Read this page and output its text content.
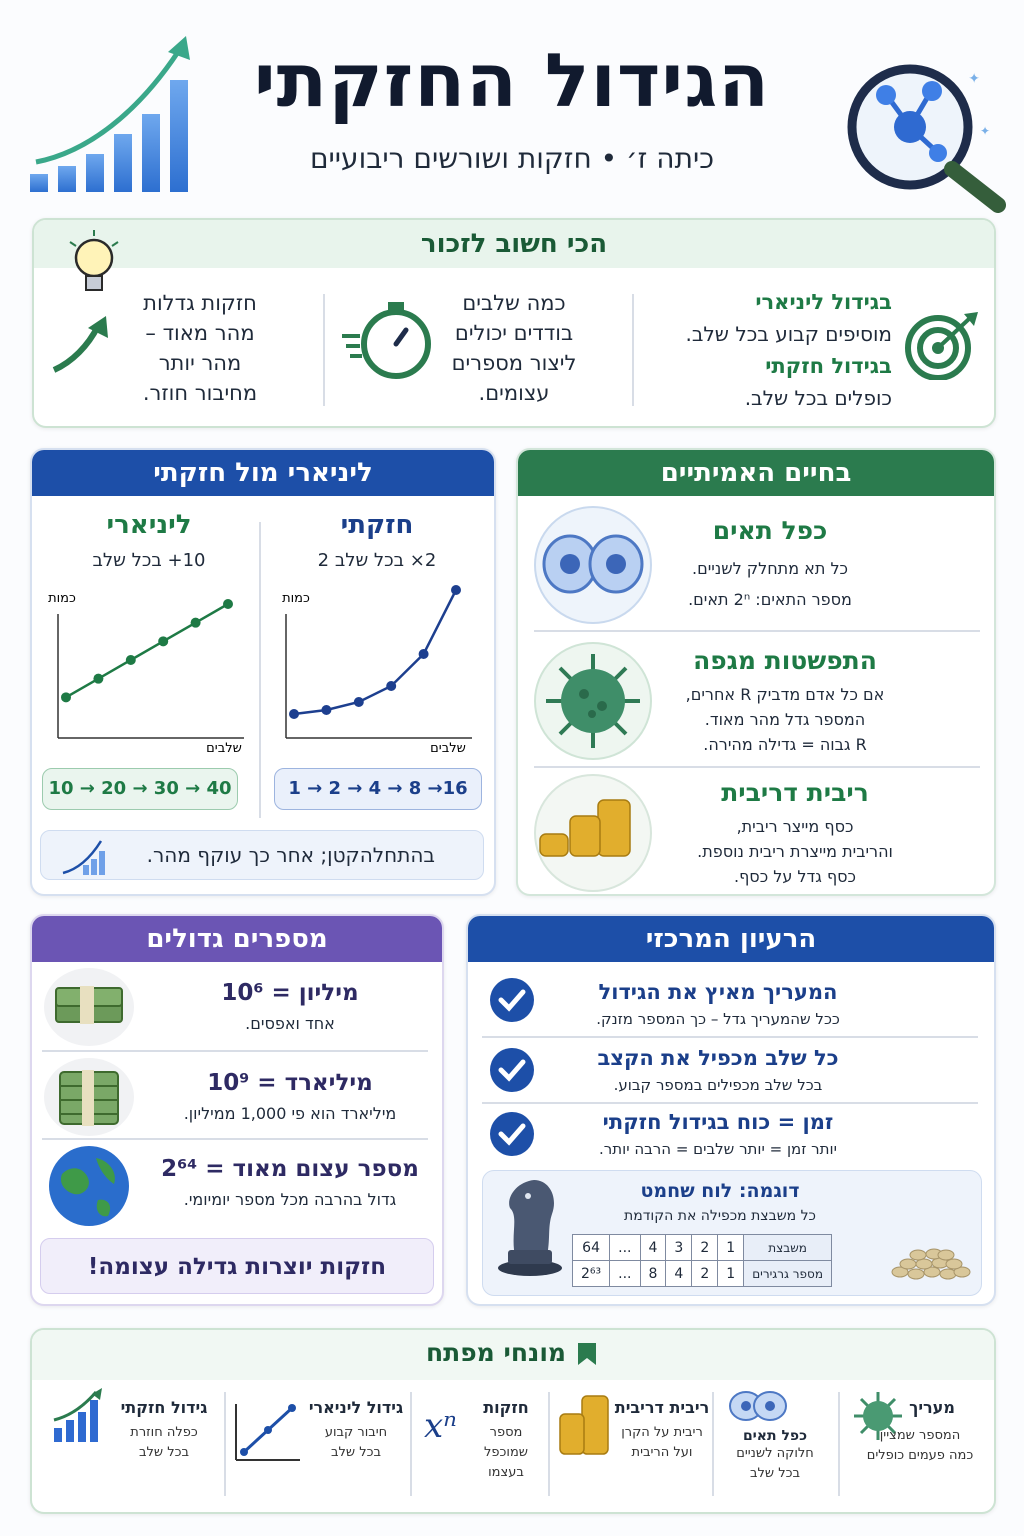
הגידול החזקתי
כיתה ז׳ • חזקות ושורשים ריבועיים
✦
✦
הכי חשוב לזכור
בגידול ליניארי
מוסיפים קבוע בכל שלב.
בגידול חזקתי
כופלים בכל שלב.
כמה שלבים
בודדים יכולים
ליצור מספרים
עצומים.
חזקות גדלות
מהר מאוד –
מהר יותר
מחיבור חוזר.
ליניארי מול חזקתי
חזקתי
2× בכל שלב 2
ליניארי
10+ בכל שלב
כמות
שלבים
כמות
שלבים
1 → 2 → 4 → 8 →16
10 → 20 → 30 → 40
בהתחלהקטן; אחר כך עוקף מהר.
בחיים האמיתיים
כפל תאים
כל תא מתחלק לשניים.
מספר התאים: 2ⁿ תאים.
התפשטות מגפה
אם כל אדם מדביק R אחרים,
המספר גדל מהר מאוד.
R גבוה = גדילה מהירה.
ריבית דריבית
כסף מייצר ריבית,
והריבית מייצרת ריבית נוספת.
כסף גדל על כסף.
מספרים גדולים
מיליון = 10⁶
אחד ואפסים.
מיליארד = 10⁹
מיליארד הוא פי 1,000 ממיליון.
מספר עצום מאוד = 2⁶⁴
גדול בהרבה מכל מספר יומיומי.
חזקות יוצרות גדילה עצומה!
הרעיון המרכזי
המעריך מאיץ את הגידול
ככל שהמעריך גדל – כך המספר מזנק.
כל שלב מכפיל את הקצב
בכל שלב מכפילים במספר קבוע.
זמן = כוח בגידול חזקתי
יותר זמן = יותר שלבים = הרבה יותר.
דוגמה: לוח שחמט
כל משבצת מכפילה את הקודמת
משבצת	1	2	3	4	...	64
מספר גרגירים	1	2	4	8	...	2⁶³
מונחי מפתח
מעריך
המספר שמציין
כמה פעמים כופלים
כפל תאים
חלוקה לשניים
בכל שלב
ריבית דריבית
ריבית על הקרן
ועל הריבית
xⁿ	חזקות
מספר שמוכפל
בעצמו
גידול ליניארי
חיבור קבוע
בכל שלב
גידול חזקתי
כפלה חוזרת
בכל שלב
